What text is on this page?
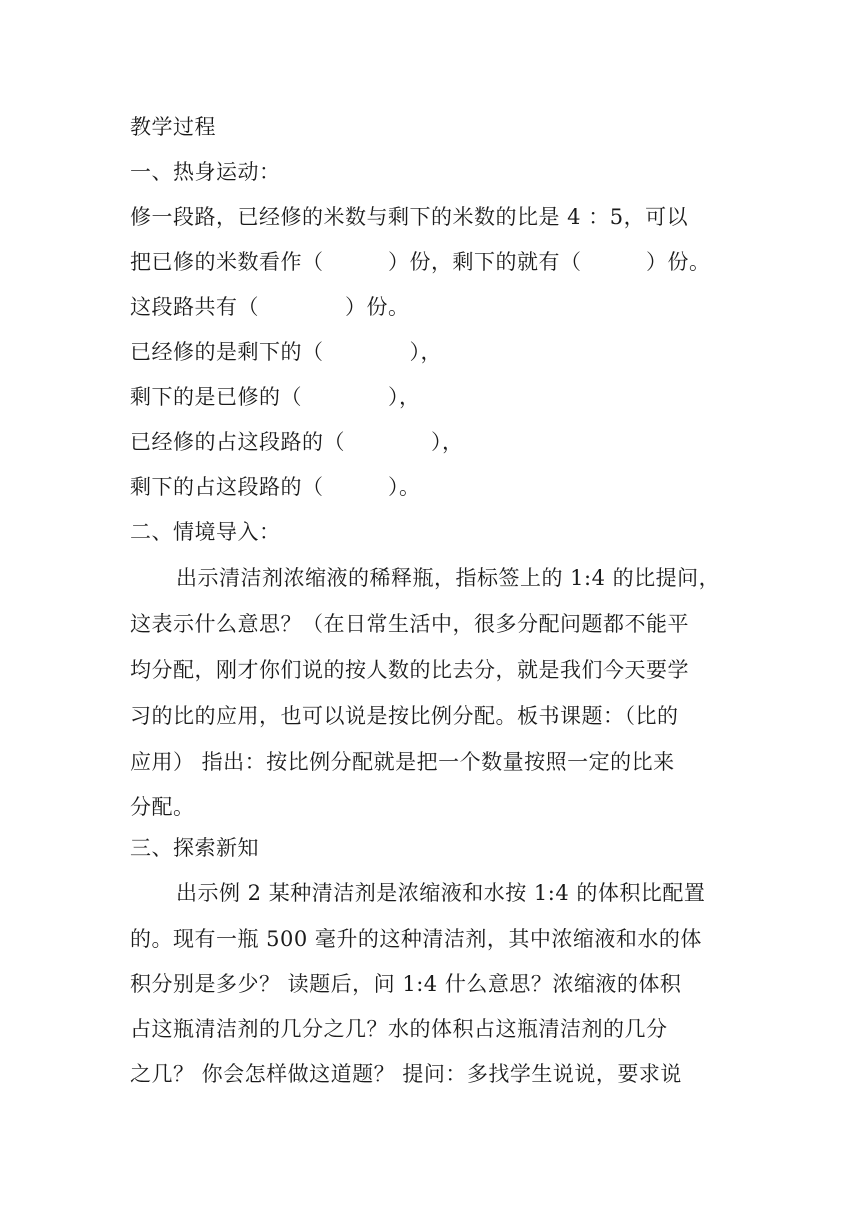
教学过程
一、热身运动：
修一段路，已经修的米数与剩下的米数的比是 4 ：5，可以
把已修的米数看作（　　　）份，剩下的就有（　　　）份。
这段路共有（　　　　）份。
已经修的是剩下的（　　　　），
剩下的是已修的（　　　　），
已经修的占这段路的（　　　　），
剩下的占这段路的（　　　）。
二、情境导入：
出示清洁剂浓缩液的稀释瓶，指标签上的 1:4 的比提问，
这表示什么意思？（在日常生活中，很多分配问题都不能平
均分配，刚才你们说的按人数的比去分，就是我们今天要学
习的比的应用，也可以说是按比例分配。板书课题：（比的
应用） 指出：按比例分配就是把一个数量按照一定的比来
分配。
三、探索新知
出示例 2 某种清洁剂是浓缩液和水按 1:4 的体积比配置
的。现有一瓶 500 毫升的这种清洁剂，其中浓缩液和水的体
积分别是多少？ 读题后，问 1:4 什么意思？浓缩液的体积
占这瓶清洁剂的几分之几？水的体积占这瓶清洁剂的几分
之几？ 你会怎样做这道题？ 提问：多找学生说说，要求说
